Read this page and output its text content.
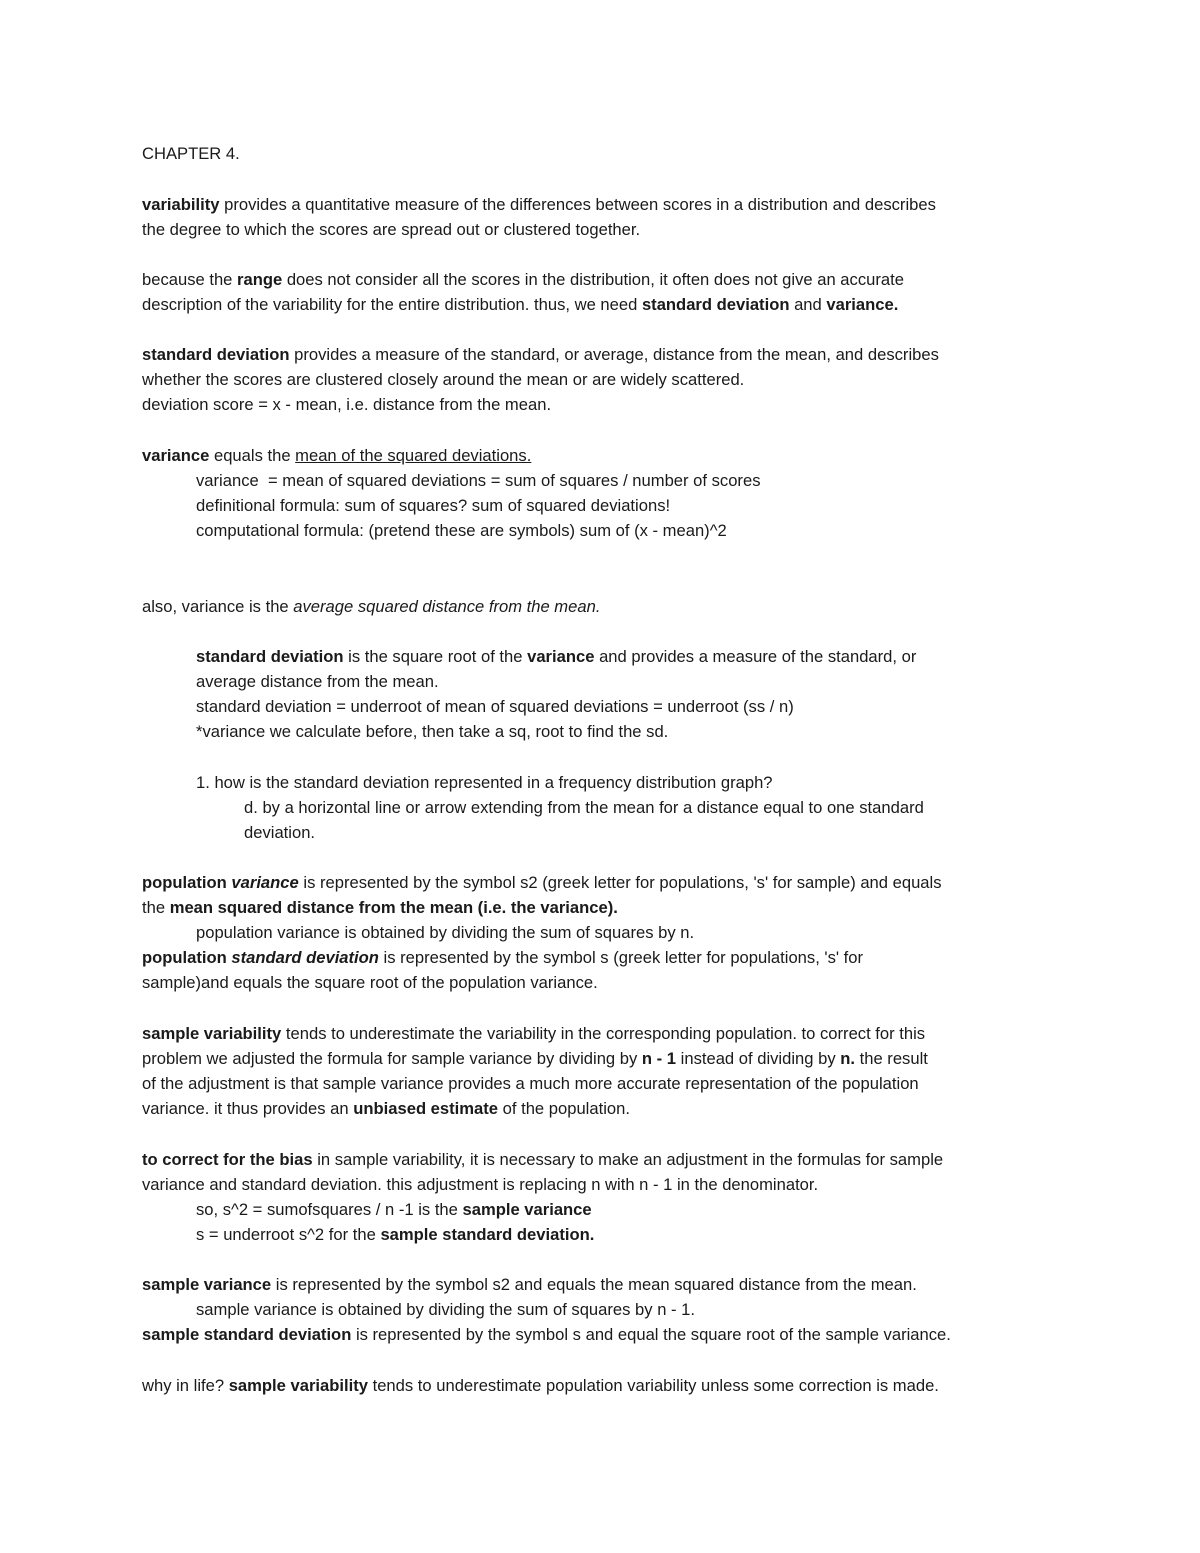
CHAPTER 4.
variability provides a quantitative measure of the differences between scores in a distribution and describes
the degree to which the scores are spread out or clustered together.
because the range does not consider all the scores in the distribution, it often does not give an accurate
description of the variability for the entire distribution. thus, we need standard deviation and variance.
standard deviation provides a measure of the standard, or average, distance from the mean, and describes
whether the scores are clustered closely around the mean or are widely scattered.
deviation score = x - mean, i.e. distance from the mean.
variance equals the mean of the squared deviations.
variance  = mean of squared deviations = sum of squares / number of scores
definitional formula: sum of squares? sum of squared deviations!
computational formula: (pretend these are symbols) sum of (x - mean)^2
also, variance is the average squared distance from the mean.
standard deviation is the square root of the variance and provides a measure of the standard, or
average distance from the mean.
standard deviation = underroot of mean of squared deviations = underroot (ss / n)
*variance we calculate before, then take a sq, root to find the sd.
1. how is the standard deviation represented in a frequency distribution graph?
d. by a horizontal line or arrow extending from the mean for a distance equal to one standard
deviation.
population variance is represented by the symbol s2 (greek letter for populations, 's' for sample) and equals
the mean squared distance from the mean (i.e. the variance).
population variance is obtained by dividing the sum of squares by n.
population standard deviation is represented by the symbol s (greek letter for populations, 's' for
sample)and equals the square root of the population variance.
sample variability tends to underestimate the variability in the corresponding population. to correct for this
problem we adjusted the formula for sample variance by dividing by n - 1 instead of dividing by n. the result
of the adjustment is that sample variance provides a much more accurate representation of the population
variance. it thus provides an unbiased estimate of the population.
to correct for the bias in sample variability, it is necessary to make an adjustment in the formulas for sample
variance and standard deviation. this adjustment is replacing n with n - 1 in the denominator.
so, s^2 = sumofsquares / n -1 is the sample variance
s = underroot s^2 for the sample standard deviation.
sample variance is represented by the symbol s2 and equals the mean squared distance from the mean.
sample variance is obtained by dividing the sum of squares by n - 1.
sample standard deviation is represented by the symbol s and equal the square root of the sample variance.
why in life? sample variability tends to underestimate population variability unless some correction is made.
